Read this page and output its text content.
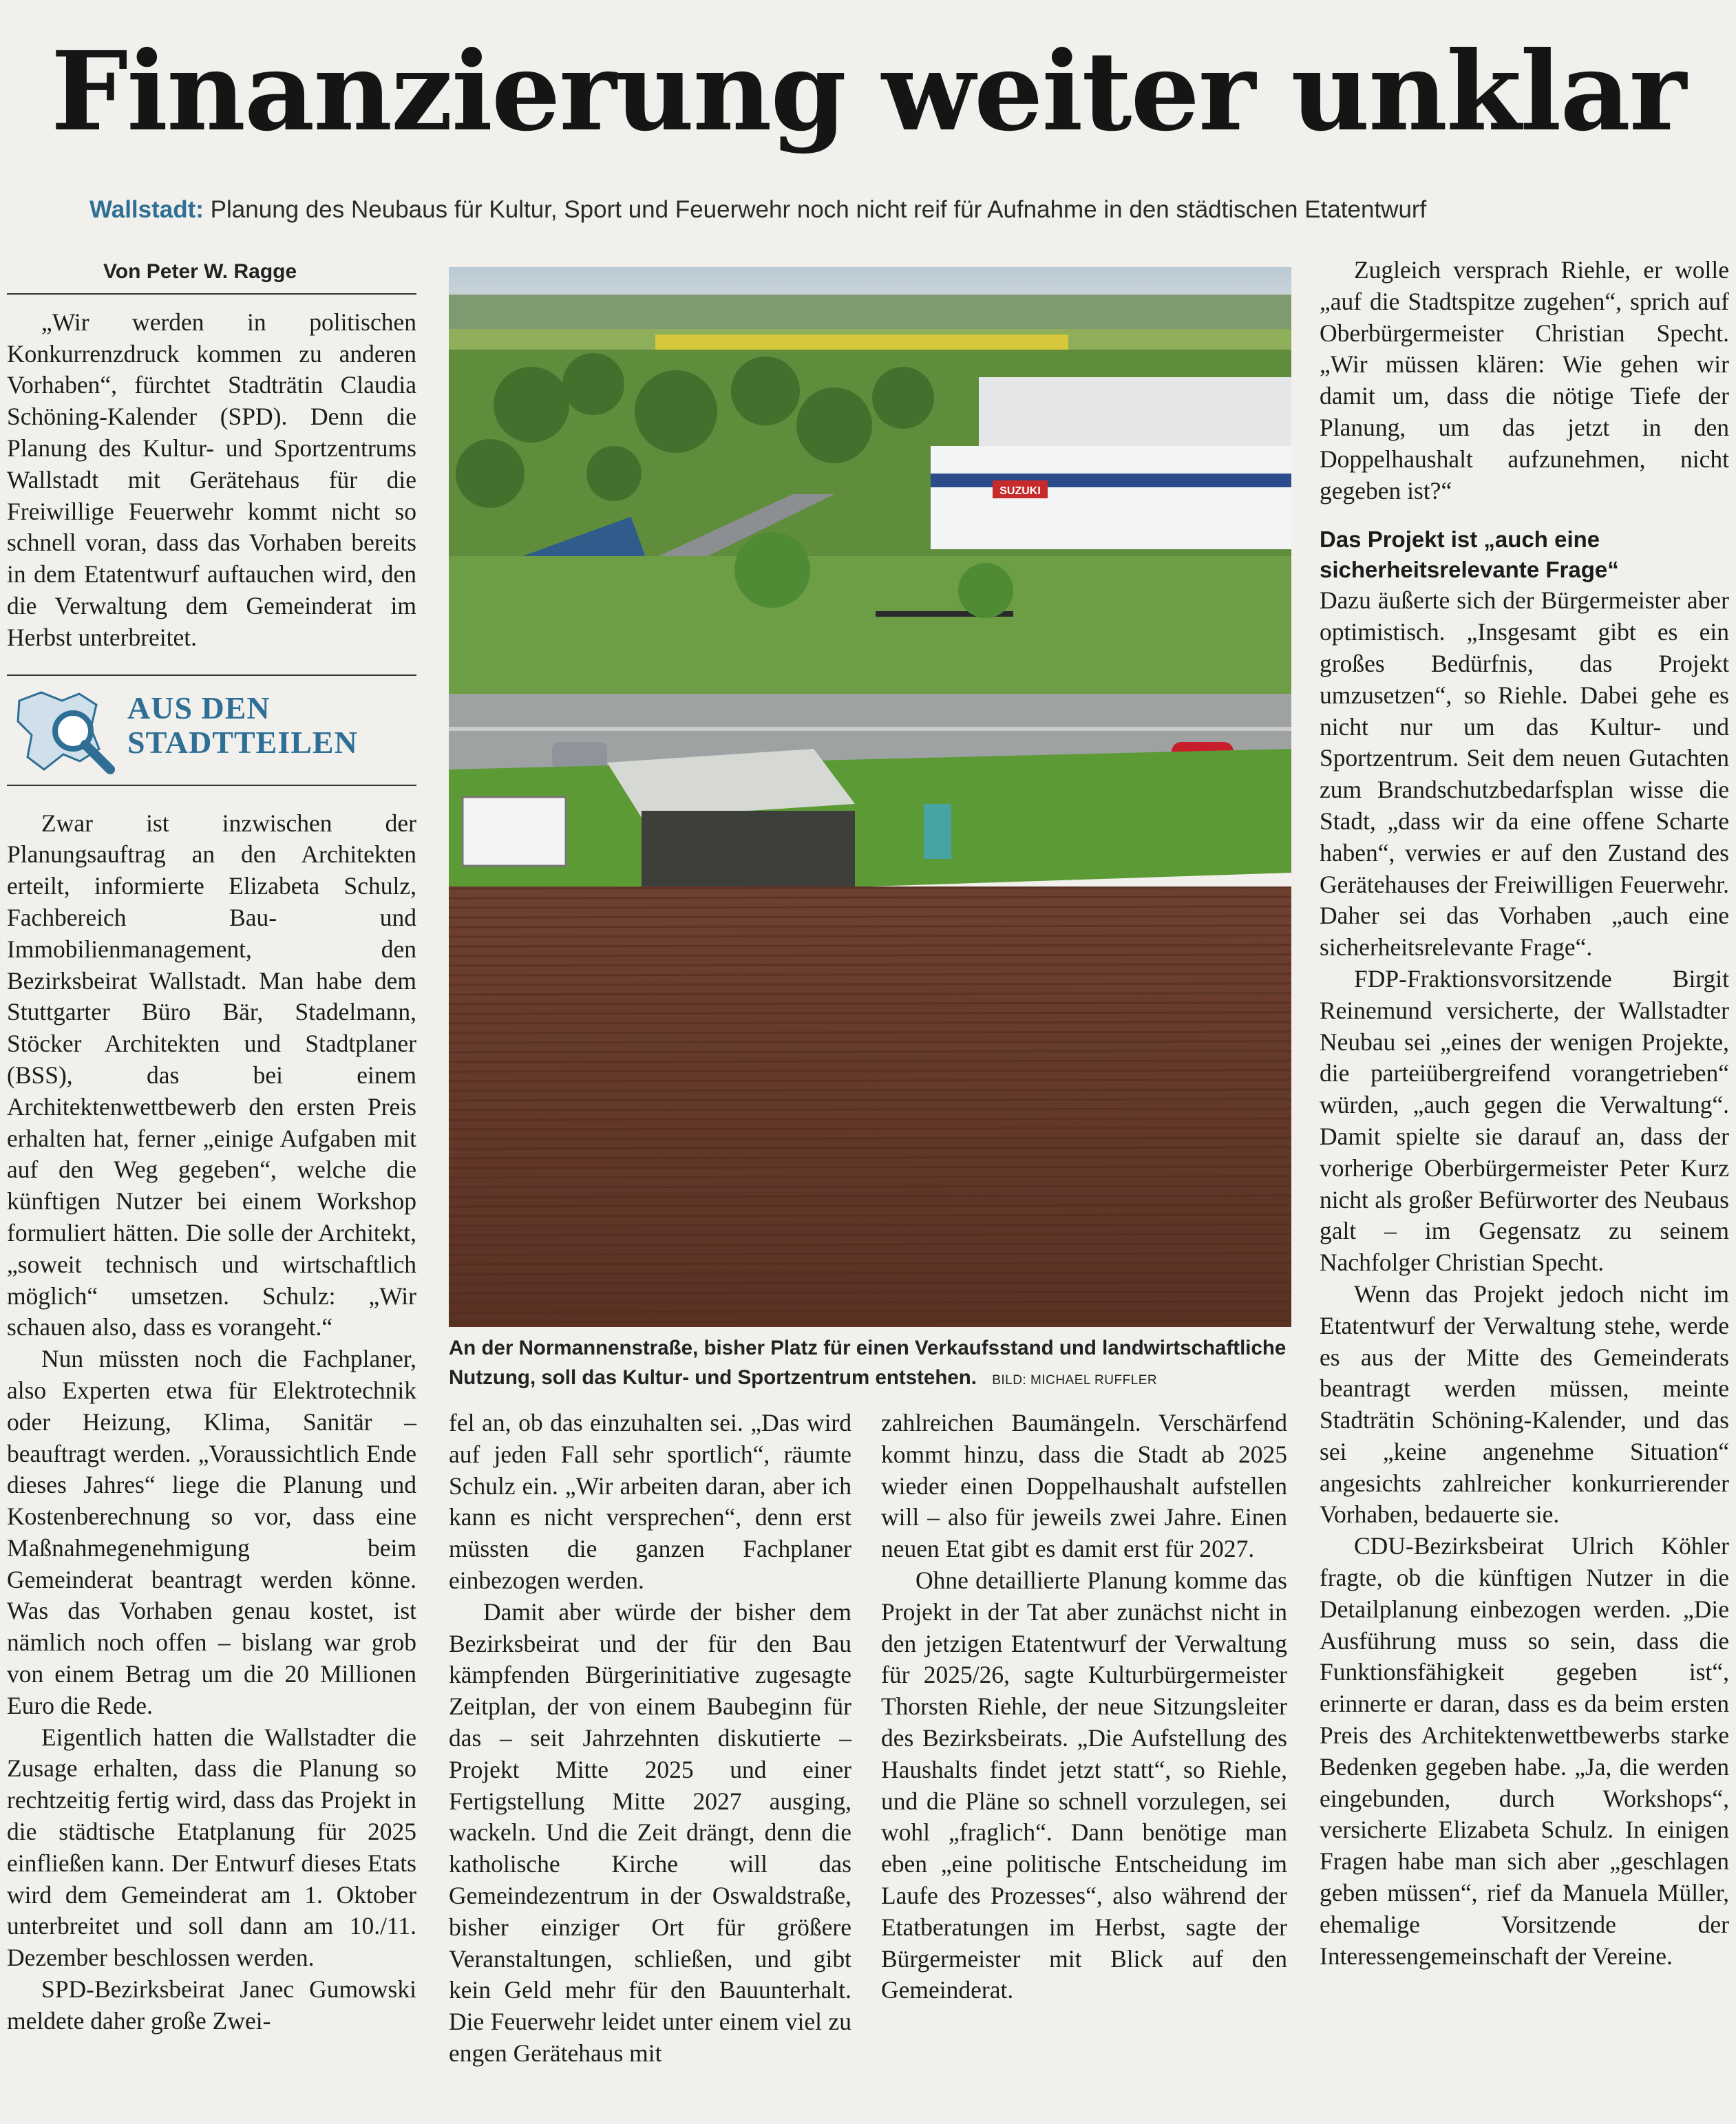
Finanzierung weiter unklar
Wallstadt: Planung des Neubaus für Kultur, Sport und Feuerwehr noch nicht reif für Aufnahme in den städtischen Etatentwurf
Von Peter W. Ragge

„Wir werden in politischen Konkurrenzdruck kommen zu anderen Vorhaben“, fürchtet Stadträtin Claudia Schöning-Kalender (SPD). Denn die Planung des Kultur- und Sportzentrums Wallstadt mit Gerätehaus für die Freiwillige Feuerwehr kommt nicht so schnell voran, dass das Vorhaben bereits in dem Etatentwurf auftauchen wird, den die Verwaltung dem Gemeinderat im Herbst unterbreitet.

AUS DEN
STADTTEILEN

Zwar ist inzwischen der Planungsauftrag an den Architekten erteilt, informierte Elizabeta Schulz, Fachbereich Bau- und Immobilienmanagement, den Bezirksbeirat Wallstadt. Man habe dem Stuttgarter Büro Bär, Stadelmann, Stöcker Architekten und Stadtplaner (BSS), das bei einem Architektenwettbewerb den ersten Preis erhalten hat, ferner „einige Aufgaben mit auf den Weg gegeben“, welche die künftigen Nutzer bei einem Workshop formuliert hätten. Die solle der Architekt, „soweit technisch und wirtschaftlich möglich“ umsetzen. Schulz: „Wir schauen also, dass es vorangeht.“

Nun müssten noch die Fachplaner, also Experten etwa für Elektrotechnik oder Heizung, Klima, Sanitär – beauftragt werden. „Voraussichtlich Ende dieses Jahres“ liege die Planung und Kostenberechnung so vor, dass eine Maßnahmegenehmigung beim Gemeinderat beantragt werden könne. Was das Vorhaben genau kostet, ist nämlich noch offen – bislang war grob von einem Betrag um die 20 Millionen Euro die Rede.

Eigentlich hatten die Wallstadter die Zusage erhalten, dass die Planung so rechtzeitig fertig wird, dass das Projekt in die städtische Etatplanung für 2025 einfließen kann. Der Entwurf dieses Etats wird dem Gemeinderat am 1. Oktober unterbreitet und soll dann am 10./11. Dezember beschlossen werden.

SPD-Bezirksbeirat Janec Gumowski meldete daher große Zwei-

SUZUKI
An der Normannenstraße, bisher Platz für einen Verkaufsstand und landwirtschaftliche Nutzung, soll das Kultur- und Sportzentrum entstehen. BILD: MICHAEL RUFFLER

fel an, ob das einzuhalten sei. „Das wird auf jeden Fall sehr sportlich“, räumte Schulz ein. „Wir arbeiten daran, aber ich kann es nicht versprechen“, denn erst müssten die ganzen Fachplaner einbezogen werden.

Damit aber würde der bisher dem Bezirksbeirat und der für den Bau kämpfenden Bürgerinitiative zugesagte Zeitplan, der von einem Baubeginn für das – seit Jahrzehnten diskutierte – Projekt Mitte 2025 und einer Fertigstellung Mitte 2027 ausging, wackeln. Und die Zeit drängt, denn die katholische Kirche will das Gemeindezentrum in der Oswaldstraße, bisher einziger Ort für größere Veranstaltungen, schließen, und gibt kein Geld mehr für den Bauunterhalt. Die Feuerwehr leidet unter einem viel zu engen Gerätehaus mit

zahlreichen Baumängeln. Verschärfend kommt hinzu, dass die Stadt ab 2025 wieder einen Doppelhaushalt aufstellen will – also für jeweils zwei Jahre. Einen neuen Etat gibt es damit erst für 2027.

Ohne detaillierte Planung komme das Projekt in der Tat aber zunächst nicht in den jetzigen Etatentwurf der Verwaltung für 2025/26, sagte Kulturbürgermeister Thorsten Riehle, der neue Sitzungsleiter des Bezirksbeirats. „Die Aufstellung des Haushalts findet jetzt statt“, so Riehle, und die Pläne so schnell vorzulegen, sei wohl „fraglich“. Dann benötige man eben „eine politische Entscheidung im Laufe des Prozesses“, also während der Etatberatungen im Herbst, sagte der Bürgermeister mit Blick auf den Gemeinderat.

Zugleich versprach Riehle, er wolle „auf die Stadtspitze zugehen“, sprich auf Oberbürgermeister Christian Specht. „Wir müssen klären: Wie gehen wir damit um, dass die nötige Tiefe der Planung, um das jetzt in den Doppelhaushalt aufzunehmen, nicht gegeben ist?“

Das Projekt ist „auch eine sicherheitsrelevante Frage“

Dazu äußerte sich der Bürgermeister aber optimistisch. „Insgesamt gibt es ein großes Bedürfnis, das Projekt umzusetzen“, so Riehle. Dabei gehe es nicht nur um das Kultur- und Sportzentrum. Seit dem neuen Gutachten zum Brandschutzbedarfsplan wisse die Stadt, „dass wir da eine offene Scharte haben“, verwies er auf den Zustand des Gerätehauses der Freiwilligen Feuerwehr. Daher sei das Vorhaben „auch eine sicherheitsrelevante Frage“.

FDP-Fraktionsvorsitzende Birgit Reinemund versicherte, der Wallstadter Neubau sei „eines der wenigen Projekte, die parteiübergreifend vorangetrieben“ würden, „auch gegen die Verwaltung“. Damit spielte sie darauf an, dass der vorherige Oberbürgermeister Peter Kurz nicht als großer Befürworter des Neubaus galt – im Gegensatz zu seinem Nachfolger Christian Specht.

Wenn das Projekt jedoch nicht im Etatentwurf der Verwaltung stehe, werde es aus der Mitte des Gemeinderats beantragt werden müssen, meinte Stadträtin Schöning-Kalender, und das sei „keine angenehme Situation“ angesichts zahlreicher konkurrierender Vorhaben, bedauerte sie.

CDU-Bezirksbeirat Ulrich Köhler fragte, ob die künftigen Nutzer in die Detailplanung einbezogen werden. „Die Ausführung muss so sein, dass die Funktionsfähigkeit gegeben ist“, erinnerte er daran, dass es da beim ersten Preis des Architektenwettbewerbs starke Bedenken gegeben habe. „Ja, die werden eingebunden, durch Workshops“, versicherte Elizabeta Schulz. In einigen Fragen habe man sich aber „geschlagen geben müssen“, rief da Manuela Müller, ehemalige Vorsitzende der Interessengemeinschaft der Vereine.
